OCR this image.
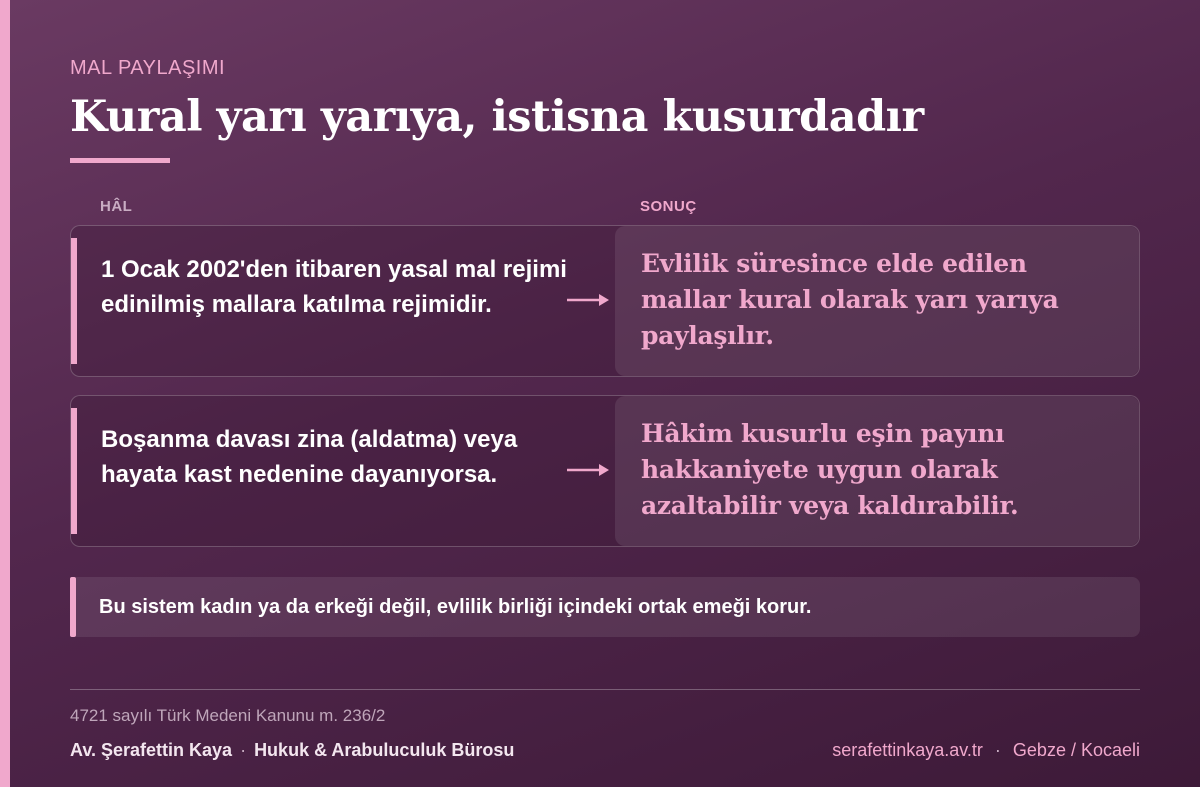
MAL PAYLAŞIMI
Kural yarı yarıya, istisna kusurdadır
HÂL	SONUÇ
1 Ocak 2002'den itibaren yasal mal rejimi edinilmiş mallara katılma rejimidir.
Evlilik süresince elde edilen mallar kural olarak yarı yarıya paylaşılır.
Boşanma davası zina (aldatma) veya hayata kast nedenine dayanıyorsa.
Hâkim kusurlu eşin payını hakkaniyete uygun olarak azaltabilir veya kaldırabilir.
Bu sistem kadın ya da erkeği değil, evlilik birliği içindeki ortak emeği korur.
4721 sayılı Türk Medeni Kanunu m. 236/2
Av. Şerafettin Kaya · Hukuk & Arabuluculuk Bürosu	serafettinkaya.av.tr · Gebze / Kocaeli
